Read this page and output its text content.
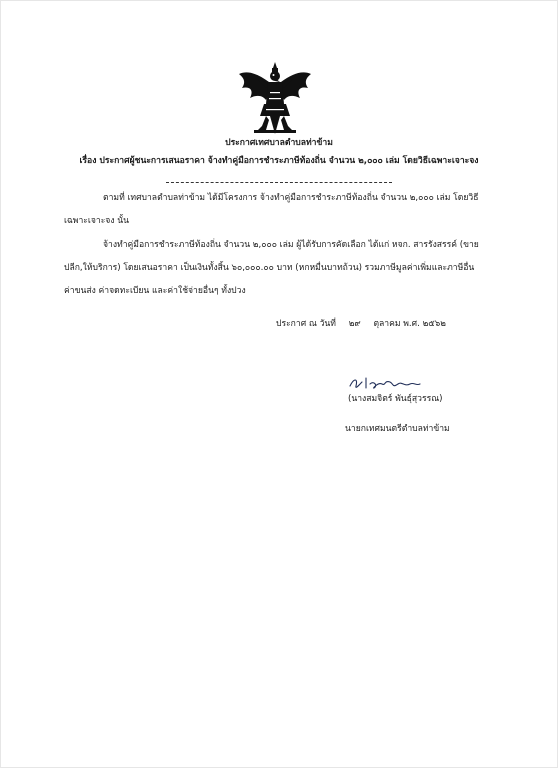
ประกาศเทศบาลตำบลท่าข้าม
เรื่อง ประกาศผู้ชนะการเสนอราคา จ้างทำคู่มือการชำระภาษีท้องถิ่น จำนวน ๒,๐๐๐ เล่ม โดยวิธีเฉพาะเจาะจง
ตามที่ เทศบาลตำบลท่าข้าม ได้มีโครงการ จ้างทำคู่มือการชำระภาษีท้องถิ่น จำนวน ๒,๐๐๐ เล่ม โดยวิธี
เฉพาะเจาะจง นั้น
จ้างทำคู่มือการชำระภาษีท้องถิ่น จำนวน ๒,๐๐๐ เล่ม ผู้ได้รับการคัดเลือก ได้แก่ หจก. สารรังสรรค์ (ขาย
ปลีก,ให้บริการ) โดยเสนอราคา เป็นเงินทั้งสิ้น ๖๐,๐๐๐.๐๐ บาท (หกหมื่นบาทถ้วน) รวมภาษีมูลค่าเพิ่มและภาษีอื่น
ค่าขนส่ง ค่าจดทะเบียน และค่าใช้จ่ายอื่นๆ ทั้งปวง
ประกาศ ณ วันที่ ๒๙ ตุลาคม พ.ศ. ๒๕๖๒
(นางสมจิตร์ พันธุ์สุวรรณ)
นายกเทศมนตรีตำบลท่าข้าม
